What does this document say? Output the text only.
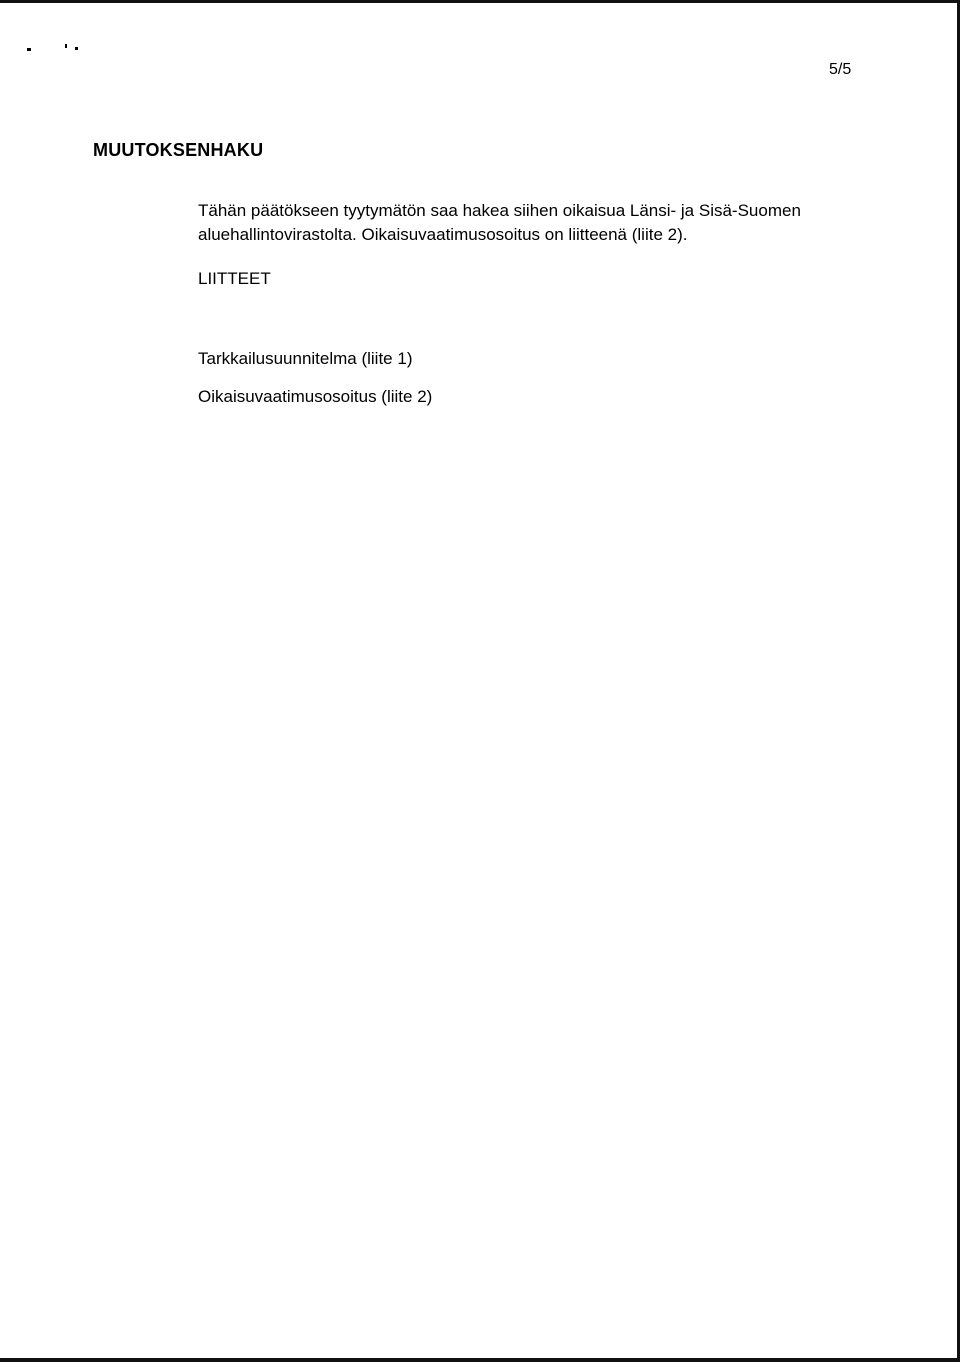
5/5
MUUTOKSENHAKU

Tähän päätökseen tyytymätön saa hakea siihen oikaisua Länsi- ja Sisä-Suomen
aluehallintovirastolta. Oikaisuvaatimusosoitus on liitteenä (liite 2).

LIITTEET
Tarkkailusuunnitelma (liite 1)
Oikaisuvaatimusosoitus (liite 2)
